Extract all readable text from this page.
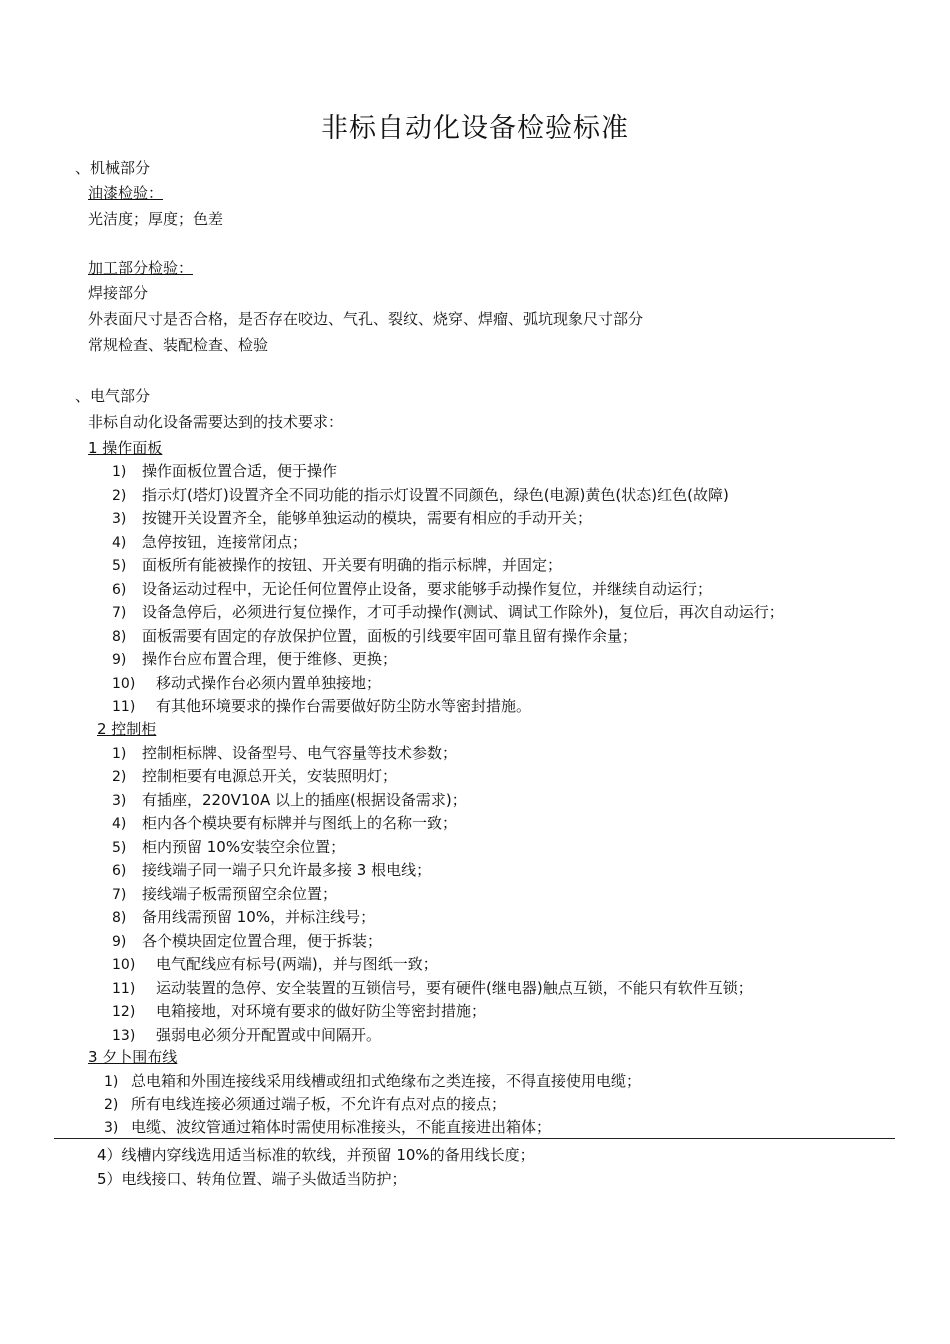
非标自动化设备检验标准
、机械部分
油漆检验：
光洁度；厚度；色差
加工部分检验：
焊接部分
外表面尺寸是否合格，是否存在咬边、气孔、裂纹、烧穿、焊瘤、弧坑现象尺寸部分
常规检查、装配检查、检验
、电气部分
非标自动化设备需要达到的技术要求：
1 操作面板
1) 操作面板位置合适，便于操作
2) 指示灯(塔灯)设置齐全不同功能的指示灯设置不同颜色，绿色(电源)黄色(状态)红色(故障)
3) 按键开关设置齐全，能够单独运动的模块，需要有相应的手动开关；
4) 急停按钮，连接常闭点；
5) 面板所有能被操作的按钮、开关要有明确的指示标牌，并固定；
6) 设备运动过程中，无论任何位置停止设备，要求能够手动操作复位，并继续自动运行；
7) 设备急停后，必须进行复位操作，才可手动操作(测试、调试工作除外)，复位后，再次自动运行；
8) 面板需要有固定的存放保护位置，面板的引线要牢固可靠且留有操作余量；
9) 操作台应布置合理，便于维修、更换；
10) 移动式操作台必须内置单独接地；
11) 有其他环境要求的操作台需要做好防尘防水等密封措施。
2 控制柜
1) 控制柜标牌、设备型号、电气容量等技术参数；
2) 控制柜要有电源总开关，安装照明灯；
3) 有插座，220V10A 以上的插座(根据设备需求)；
4) 柜内各个模块要有标牌并与图纸上的名称一致；
5) 柜内预留 10%安装空余位置；
6) 接线端子同一端子只允许最多接 3 根电线；
7) 接线端子板需预留空余位置；
8) 备用线需预留 10%，并标注线号；
9) 各个模块固定位置合理，便于拆装；
10) 电气配线应有标号(两端)，并与图纸一致；
11) 运动装置的急停、安全装置的互锁信号，要有硬件(继电器)触点互锁，不能只有软件互锁；
12) 电箱接地，对环境有要求的做好防尘等密封措施；
13) 强弱电必须分开配置或中间隔开。
3 夕卜围布线
1) 总电箱和外围连接线采用线槽或纽扣式绝缘布之类连接，不得直接使用电缆；
2) 所有电线连接必须通过端子板，不允许有点对点的接点；
3) 电缆、波纹管通过箱体时需使用标准接头，不能直接进出箱体；
4）线槽内穿线选用适当标准的软线，并预留 10%的备用线长度；
5）电线接口、转角位置、端子头做适当防护；
